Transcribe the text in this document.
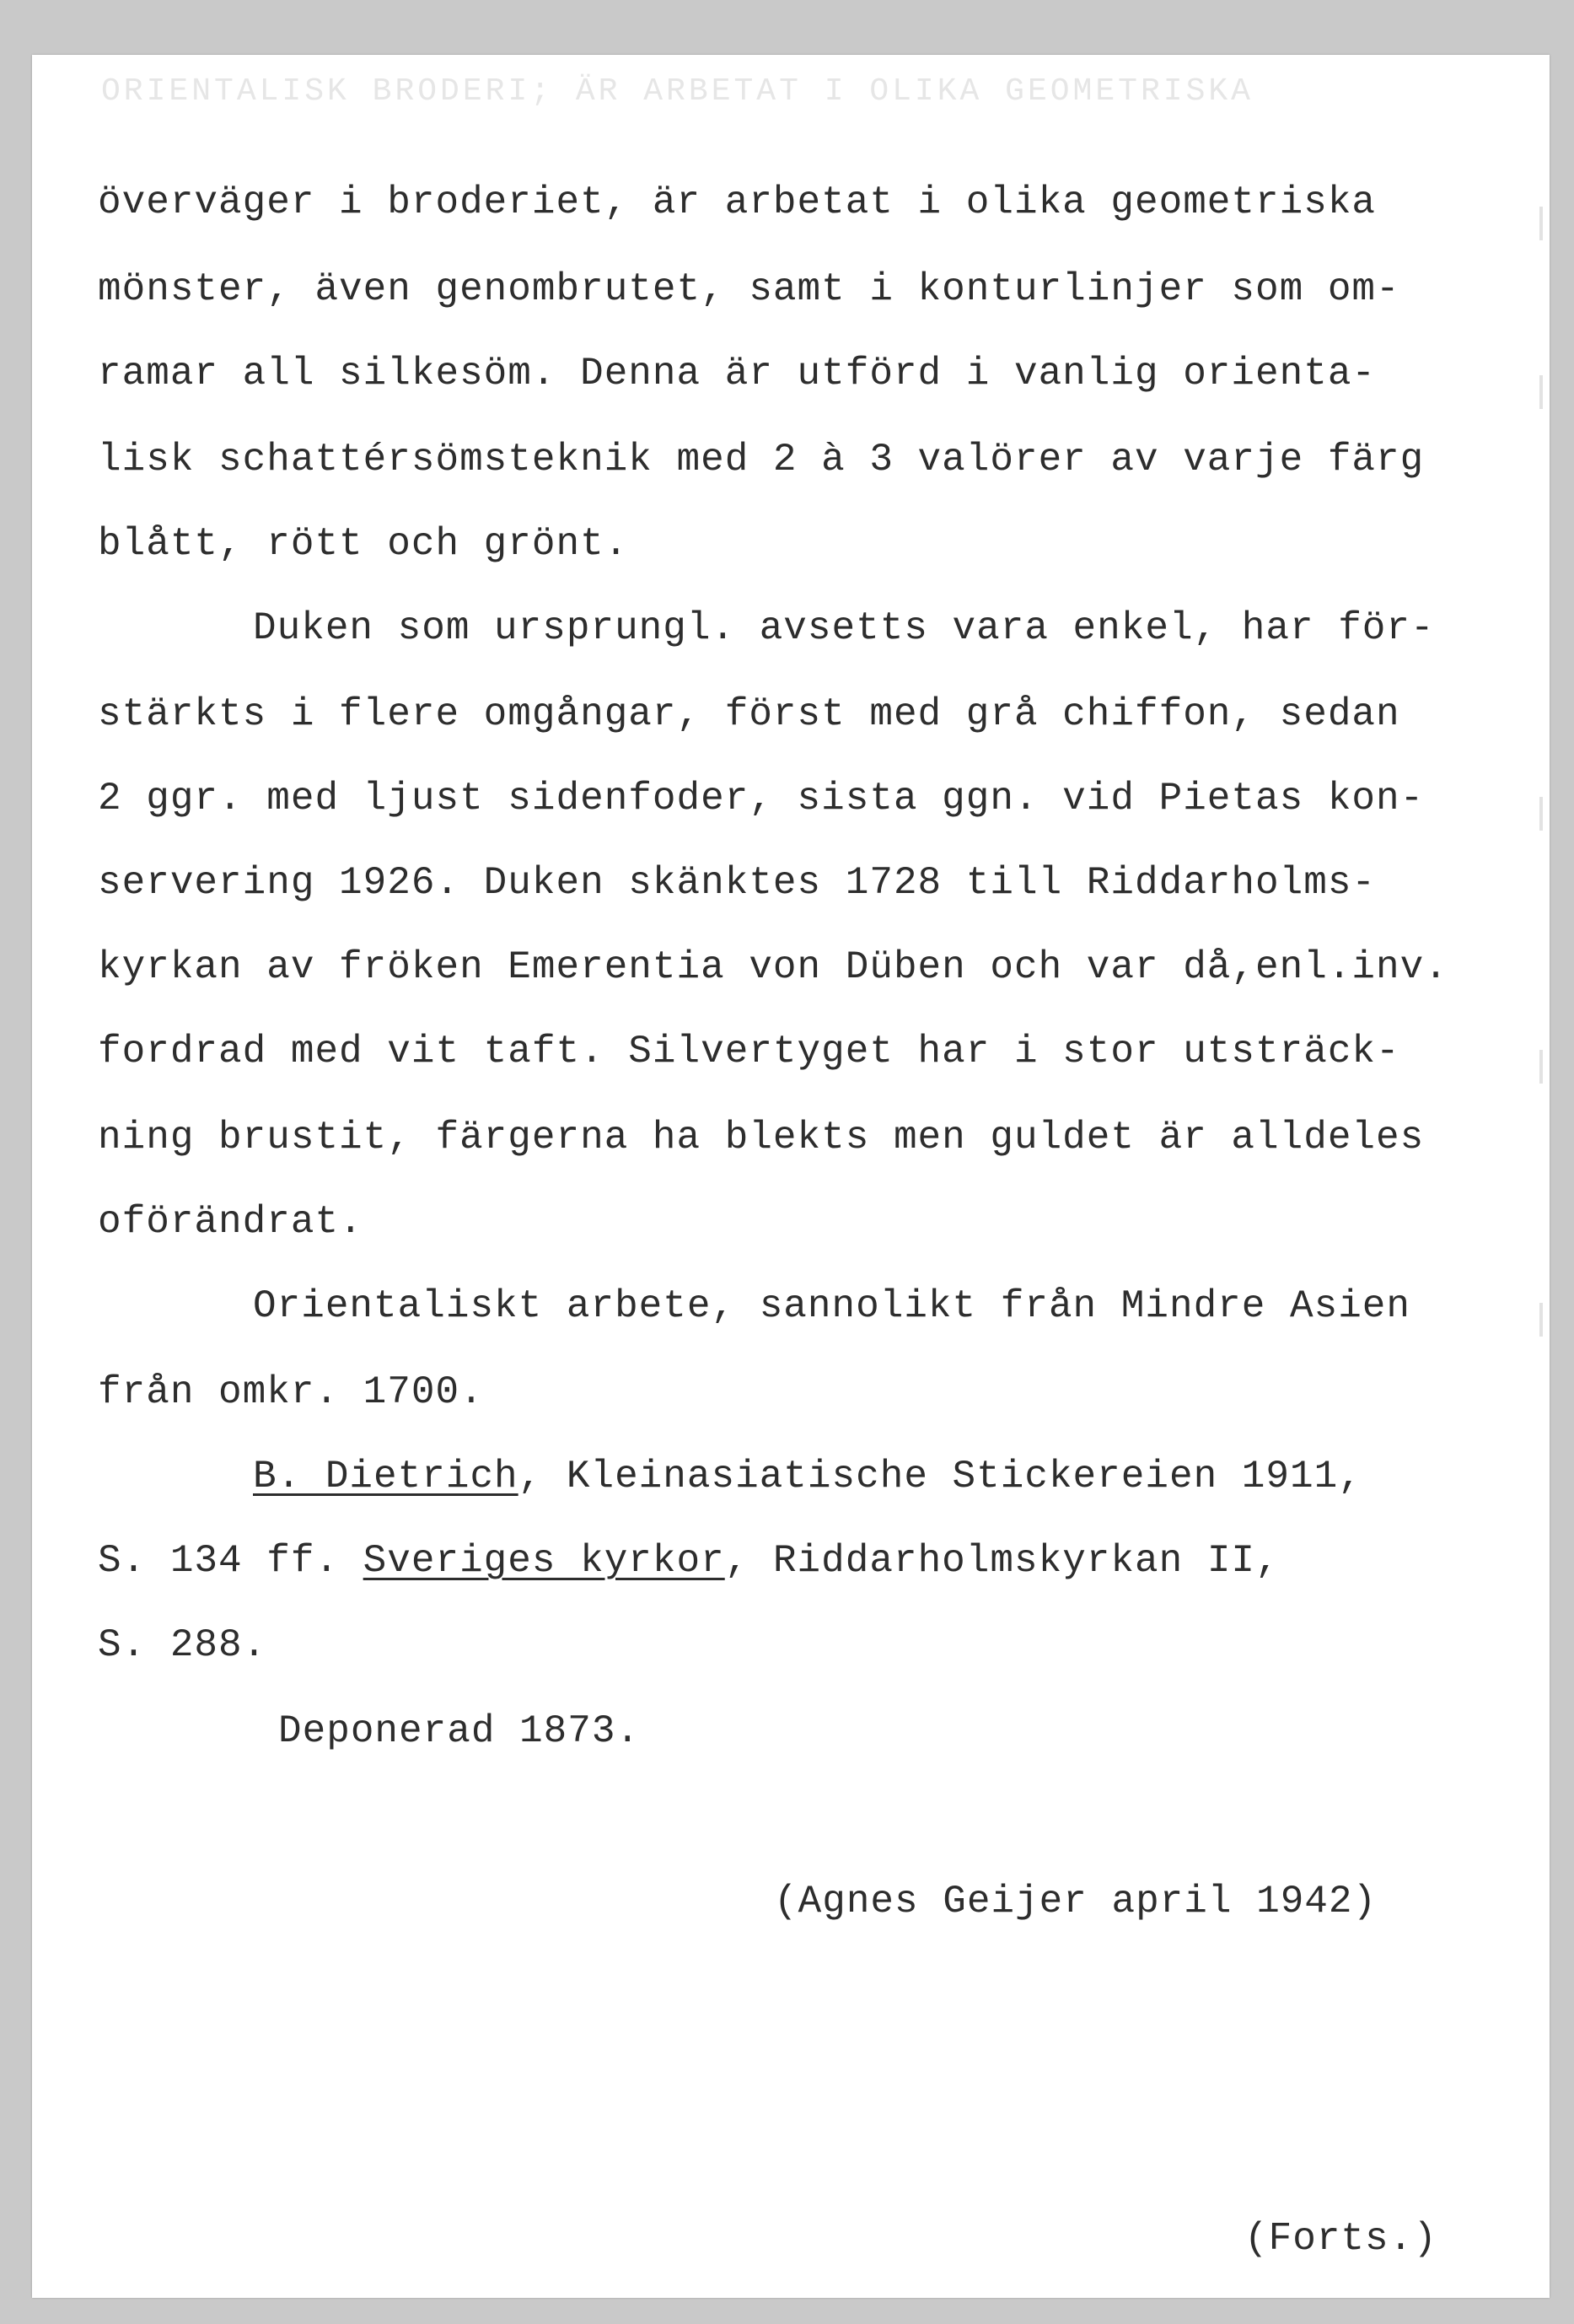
ORIENTALISK BRODERI; ÄR ARBETAT I OLIKA GEOMETRISKA
överväger i broderiet, är arbetat i olika geometriska
mönster, även genombrutet, samt i konturlinjer som om-
ramar all silkesöm. Denna är utförd i vanlig orienta-
lisk schattérsömsteknik med 2 à 3 valörer av varje färg
blått, rött och grönt.
Duken som ursprungl. avsetts vara enkel, har för-
stärkts i flere omgångar, först med grå chiffon, sedan
2 ggr. med ljust sidenfoder, sista ggn. vid Pietas kon-
servering 1926. Duken skänktes 1728 till Riddarholms-
kyrkan av fröken Emerentia von Düben och var då,enl.inv.
fordrad med vit taft. Silvertyget har i stor utsträck-
ning brustit, färgerna ha blekts men guldet är alldeles
oförändrat.
Orientaliskt arbete, sannolikt från Mindre Asien
från omkr. 1700.
B. Dietrich, Kleinasiatische Stickereien 1911,
S. 134 ff. Sveriges kyrkor, Riddarholmskyrkan II,
S. 288.
Deponerad 1873.
(Agnes Geijer april 1942)
(Forts.)
